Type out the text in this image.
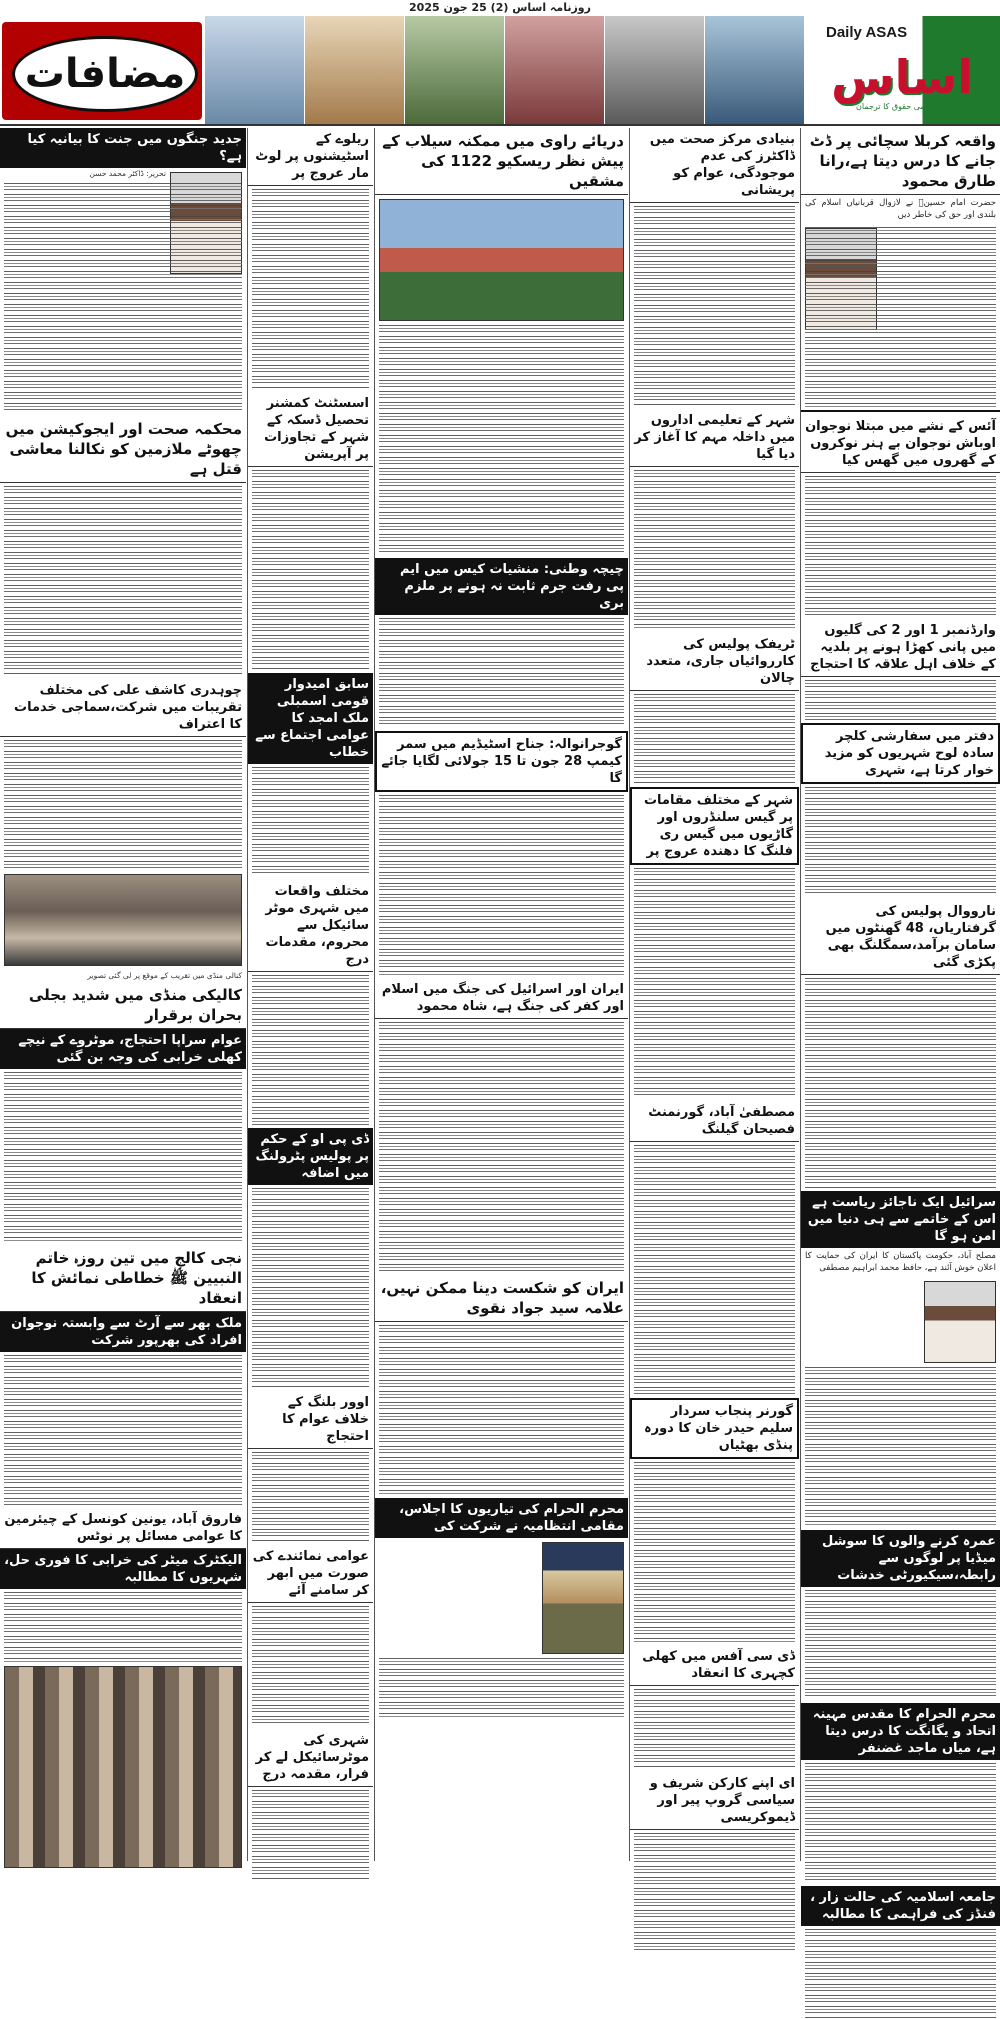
روزنامہ اساس (2) 25 جون 2025
مضافات
Daily ASAS
اساس
عوامی حقوق کا ترجمان
واقعہ کربلا سچائی پر ڈٹ جانے کا درس دیتا ہے،رانا طارق محمود
حضرت امام حسینؓ نے لازوال قربانیاں اسلام کی بلندی اور حق کی خاطر دیں
آئس کے نشے میں مبتلا نوجوان اوباش نوجوان بے ہنر نوکروں کے گھروں میں گھس کیا
وارڈنمبر 1 اور 2 کی گلیوں میں پانی کھڑا ہونے پر بلدیہ کے خلاف اہل علاقہ کا احتجاج
دفتر میں سفارشی کلچر سادہ لوح شہریوں کو مزید خوار کرتا ہے، شہری
نارووال پولیس کی گرفتاریاں، 48 گھنٹوں میں سامان برآمد،سمگلنگ بھی پکڑی گئی
سرائیل ایک ناجائز ریاست ہے اس کے خاتمے سے ہی دنیا میں امن ہو گا
مصلح آباد، حکومت پاکستان کا ایران کی حمایت کا اعلان خوش آئند ہے، حافظ محمد ابراہیم مصطفی
عمرہ کرنے والوں کا سوشل میڈیا پر لوگوں سے رابطہ،سیکیورٹی خدشات
محرم الحرام کا مقدس مہینہ اتحاد و یگانگت کا درس دیتا ہے، میاں ماجد غضنفر
جامعہ اسلامیہ کی حالت زار ، فنڈز کی فراہمی کا مطالبہ
بنیادی مرکز صحت میں ڈاکٹرز کی عدم موجودگی، عوام کو پریشانی
شہر کے تعلیمی اداروں میں داخلہ مہم کا آغاز کر دیا گیا
ٹریفک پولیس کی کارروائیاں جاری، متعدد چالان
شہر کے مختلف مقامات پر گیس سلنڈروں اور گاڑیوں میں گیس ری فلنگ کا دھندہ عروج پر
مصطفیٰ آباد، گورنمنٹ فصیحان گیلنگ
گورنر پنجاب سردار سلیم حیدر خان کا دورہ پنڈی بھٹیاں
ڈی سی آفس میں کھلی کچہری کا انعقاد
ای اپنے کارکن شریف و سیاسی گروپ پیر اور ڈیموکریسی
دریائے راوی میں ممکنہ سیلاب کے پیش نظر ریسکیو 1122 کی مشقیں
چیچہ وطنی: منشیات کیس میں ایم پی رفت جرم ثابت نہ ہونے پر ملزم بری
گوجرانوالہ: جناح اسٹیڈیم میں سمر کیمپ 28 جون تا 15 جولائی لگایا جائے گا
ایران اور اسرائیل کی جنگ میں اسلام اور کفر کی جنگ ہے، شاہ محمود
ایران کو شکست دینا ممکن نہیں، علامہ سید جواد نقوی
محرم الحرام کی تیاریوں کا اجلاس، مقامی انتظامیہ نے شرکت کی
ریلوے کے اسٹیشنوں پر لوٹ مار عروج پر
اسسٹنٹ کمشنر تحصیل ڈسکہ کے شہر کے تجاوزات پر آپریشن
سابق امیدوار قومی اسمبلی ملک امجد کا عوامی اجتماع سے خطاب
مختلف واقعات میں شہری موٹر سائیکل سے محروم، مقدمات درج
ڈی پی او کے حکم پر پولیس پٹرولنگ میں اضافہ
اوور بلنگ کے خلاف عوام کا احتجاج
عوامی نمائندے کی صورت میں ابھر کر سامنے آئے
شہری کی موٹرسائیکل لے کر فرار، مقدمہ درج
جدید جنگوں میں جنت کا بیانیہ کیا ہے؟
تحریر: ڈاکٹر محمد حسن
محکمہ صحت اور ایجوکیشن میں چھوٹے ملازمین کو نکالنا معاشی قتل ہے
چوہدری کاشف علی کی مختلف تقریبات میں شرکت،سماجی خدمات کا اعتراف
کنالی منڈی میں تقریب کے موقع پر لی گئی تصویر
کالیکی منڈی میں شدید بجلی بحران برقرار
عوام سراپا احتجاج، موٹروے کے نیچے کھلی خرابی کی وجہ بن گئی
نجی کالج میں تین روزہ خاتم النبیین ﷺ خطاطی نمائش کا انعقاد
ملک بھر سے آرٹ سے وابستہ نوجوان افراد کی بھرپور شرکت
فاروق آباد، یونین کونسل کے چیئرمین کا عوامی مسائل پر نوٹس
الیکٹرک میٹر کی خرابی کا فوری حل، شہریوں کا مطالبہ
